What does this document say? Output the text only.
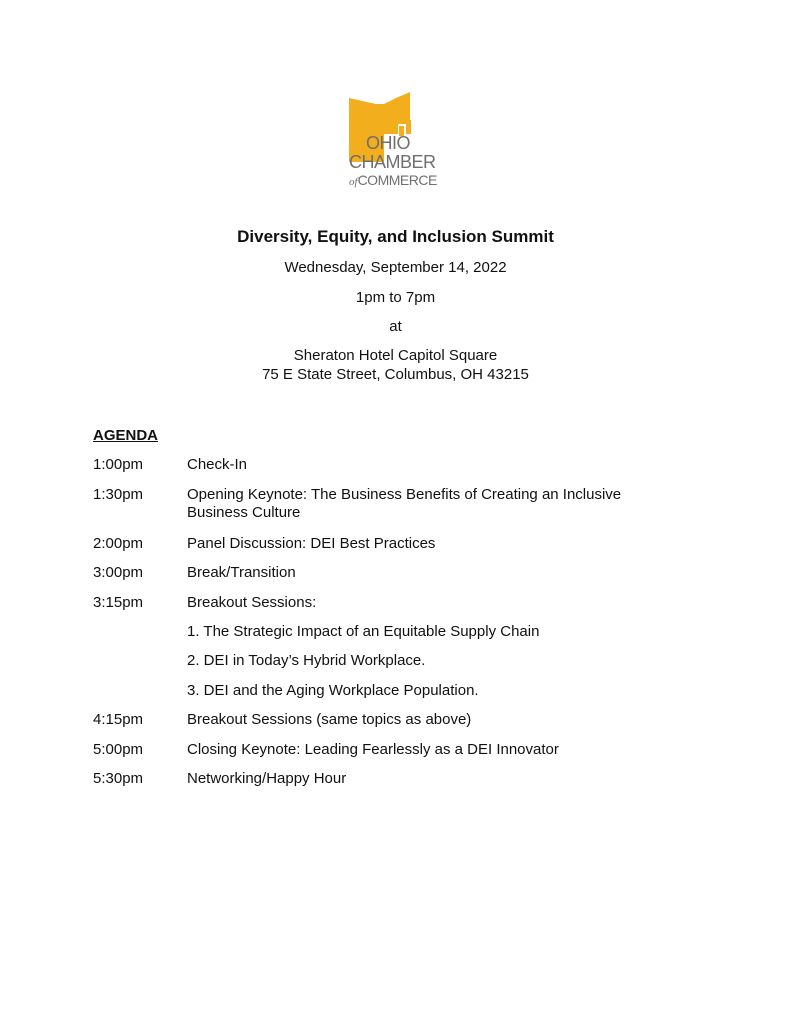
OHIO
CHAMBER
ofCOMMERCE
Diversity, Equity, and Inclusion Summit
Wednesday, September 14, 2022
1pm to 7pm
at
Sheraton Hotel Capitol Square
75 E State Street, Columbus, OH 43215
AGENDA
1:00pm	Check-In
1:30pm	Opening Keynote: The Business Benefits of Creating an Inclusive Business Culture
2:00pm	Panel Discussion: DEI Best Practices
3:00pm	Break/Transition
3:15pm	Breakout Sessions:
1. The Strategic Impact of an Equitable Supply Chain
2. DEI in Today’s Hybrid Workplace.
3. DEI and the Aging Workplace Population.
4:15pm	Breakout Sessions (same topics as above)
5:00pm	Closing Keynote: Leading Fearlessly as a DEI Innovator
5:30pm	Networking/Happy Hour
